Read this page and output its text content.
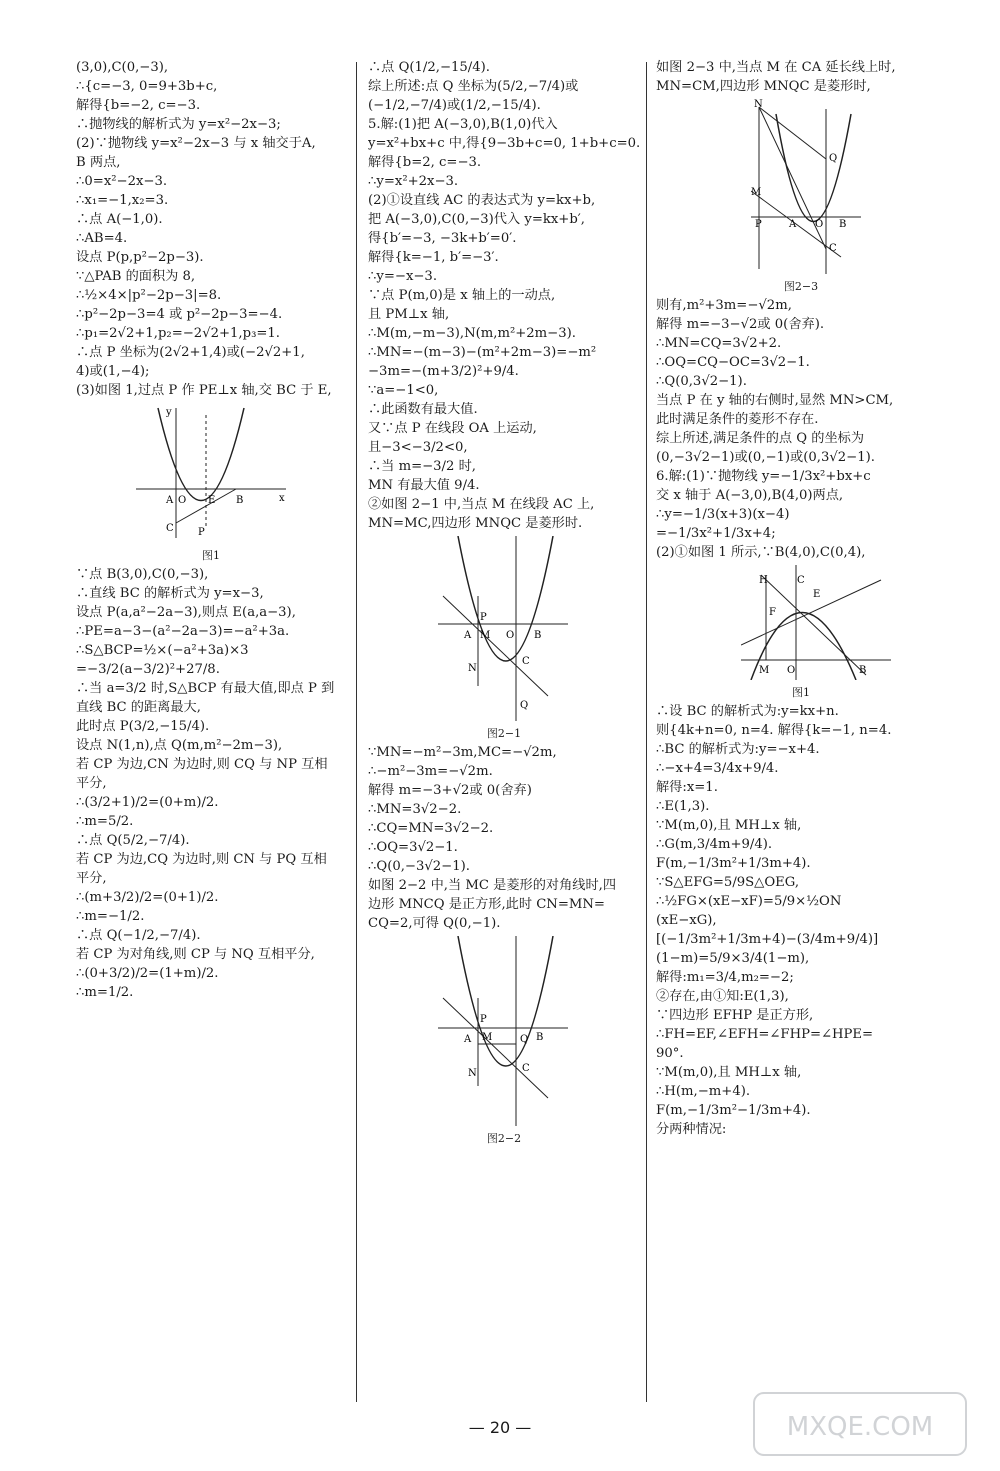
(3,0),C(0,−3),
∴{c=−3, 0=9+3b+c,
解得{b=−2, c=−3.
∴抛物线的解析式为 y=x²−2x−3;
(2)∵抛物线 y=x²−2x−3 与 x 轴交于A,
B 两点,
∴0=x²−2x−3.
∴x₁=−1,x₂=3.
∴点 A(−1,0).
∴AB=4.
设点 P(p,p²−2p−3).
∵△PAB 的面积为 8,
∴½×4×|p²−2p−3|=8.
∴p²−2p−3=4 或 p²−2p−3=−4.
∴p₁=2√2+1,p₂=−2√2+1,p₃=1.
∴点 P 坐标为(2√2+1,4)或(−2√2+1,
4)或(1,−4);
(3)如图 1,过点 P 作 PE⊥x 轴,交 BC 于 E,
A O E B
C P
x
y
图1
∵点 B(3,0),C(0,−3),
∴直线 BC 的解析式为 y=x−3,
设点 P(a,a²−2a−3),则点 E(a,a−3),
∴PE=a−3−(a²−2a−3)=−a²+3a.
∴S△BCP=½×(−a²+3a)×3
=−3/2(a−3/2)²+27/8.
∴当 a=3/2 时,S△BCP 有最大值,即点 P 到
直线 BC 的距离最大,
此时点 P(3/2,−15/4).
设点 N(1,n),点 Q(m,m²−2m−3),
若 CP 为边,CN 为边时,则 CQ 与 NP 互相
平分,
∴(3/2+1)/2=(0+m)/2.
∴m=5/2.
∴点 Q(5/2,−7/4).
若 CP 为边,CQ 为边时,则 CN 与 PQ 互相
平分,
∴(m+3/2)/2=(0+1)/2.
∴m=−1/2.
∴点 Q(−1/2,−7/4).
若 CP 为对角线,则 CP 与 NQ 互相平分,
∴(0+3/2)/2=(1+m)/2.
∴m=1/2.
∴点 Q(1/2,−15/4).
综上所述:点 Q 坐标为(5/2,−7/4)或
(−1/2,−7/4)或(1/2,−15/4).
5.解:(1)把 A(−3,0),B(1,0)代入
y=x²+bx+c 中,得{9−3b+c=0, 1+b+c=0.
解得{b=2, c=−3.
∴y=x²+2x−3.
(2)①设直线 AC 的表达式为 y=kx+b,
把 A(−3,0),C(0,−3)代入 y=kx+b′,
得{b′=−3, −3k+b′=0′.
解得{k=−1, b′=−3′.
∴y=−x−3.
∵点 P(m,0)是 x 轴上的一动点,
且 PM⊥x 轴,
∴M(m,−m−3),N(m,m²+2m−3).
∴MN=−(m−3)−(m²+2m−3)=−m²
−3m=−(m+3/2)²+9/4.
∵a=−1<0,
∴此函数有最大值.
又∵点 P 在线段 OA 上运动,
且−3<−3/2<0,
∴当 m=−3/2 时,
MN 有最大值 9/4.
②如图 2−1 中,当点 M 在线段 AC 上,
MN=MC,四边形 MNQC 是菱形时.
A
P
M O B
N
C
Q
图2−1
∵MN=−m²−3m,MC=−√2m,
∴−m²−3m=−√2m.
解得 m=−3+√2或 0(舍弃)
∴MN=3√2−2.
∴CQ=MN=3√2−2.
∴OQ=3√2−1.
∴Q(0,−3√2−1).
如图 2−2 中,当 MC 是菱形的对角线时,四
边形 MNCQ 是正方形,此时 CN=MN=
CQ=2,可得 Q(0,−1).
A
P
M	Q B
N	C
图2−2
如图 2−3 中,当点 M 在 CA 延长线上时,
MN=CM,四边形 MNQC 是菱形时,
N
Q
M
P	A O B
C
图2−3
则有,m²+3m=−√2m,
解得 m=−3−√2或 0(舍弃).
∴MN=CQ=3√2+2.
∴OQ=CQ−OC=3√2−1.
∴Q(0,3√2−1).
当点 P 在 y 轴的右侧时,显然 MN>CM,
此时满足条件的菱形不存在.
综上所述,满足条件的点 Q 的坐标为
(0,−3√2−1)或(0,−1)或(0,3√2−1).
6.解:(1)∵抛物线 y=−1/3x²+bx+c
交 x 轴于 A(−3,0),B(4,0)两点,
∴y=−1/3(x+3)(x−4)
=−1/3x²+1/3x+4;
(2)①如图 1 所示,∵B(4,0),C(0,4),
H	C
F
E
M O	B
图1
∴设 BC 的解析式为:y=kx+n.
则{4k+n=0, n=4. 解得{k=−1, n=4.
∴BC 的解析式为:y=−x+4.
∴−x+4=3/4x+9/4.
解得:x=1.
∴E(1,3).
∵M(m,0),且 MH⊥x 轴,
∴G(m,3/4m+9/4).
F(m,−1/3m²+1/3m+4).
∵S△EFG=5/9S△OEG,
∴½FG×(xE−xF)=5/9×½ON
(xE−xG),
[(−1/3m²+1/3m+4)−(3/4m+9/4)]
(1−m)=5/9×3/4(1−m),
解得:m₁=3/4,m₂=−2;
②存在,由①知:E(1,3),
∵四边形 EFHP 是正方形,
∴FH=EF,∠EFH=∠FHP=∠HPE=
90°.
∵M(m,0),且 MH⊥x 轴,
∴H(m,−m+4).
F(m,−1/3m²−1/3m+4).
分两种情况:
— 20 —	MXQE.COM
